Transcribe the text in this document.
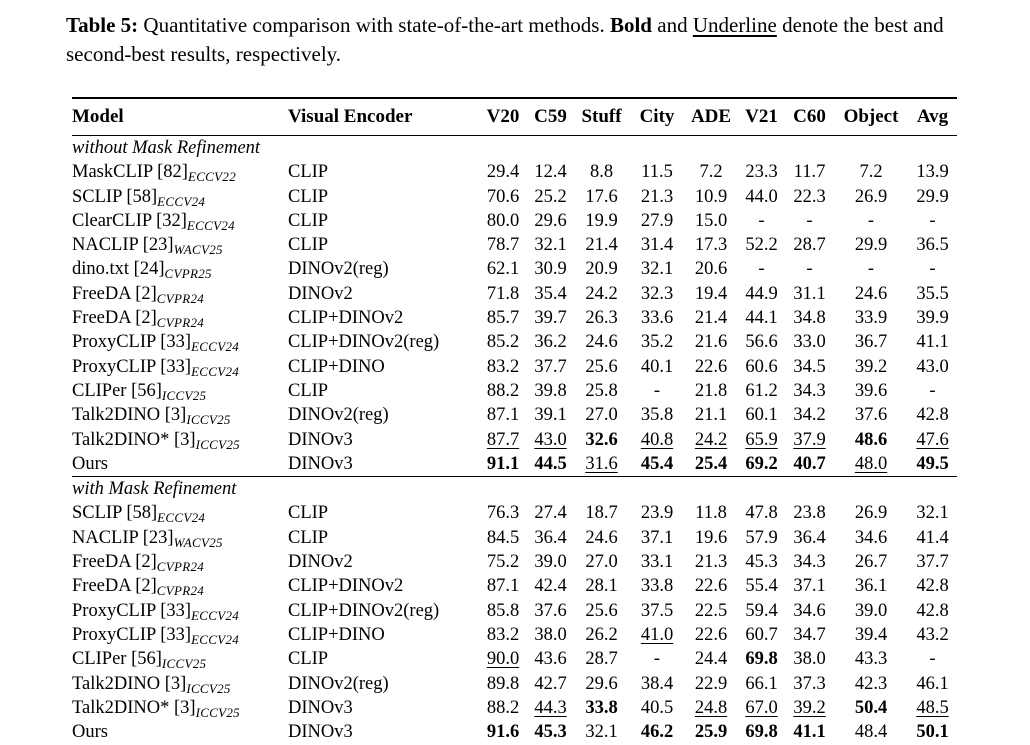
Table 5: Quantitative comparison with state-of-the-art methods. Bold and Underline denote the best and second-best results, respectively.
Model	Visual Encoder	V20	C59	Stuff	City	ADE	V21	C60	Object	Avg
without Mask Refinement										
MaskCLIP $[82]_{ECCV22}$	CLIP	29.4	12.4	8.8	11.5	7.2	23.3	11.7	7.2	13.9
SCLIP $[58]_{ECCV24}$	CLIP	70.6	25.2	17.6	21.3	10.9	44.0	22.3	26.9	29.9
ClearCLIP $[32]_{ECCV24}$	CLIP	80.0	29.6	19.9	27.9	15.0	-	-	-	-
NACLIP $[23]_{WACV25}$	CLIP	78.7	32.1	21.4	31.4	17.3	52.2	28.7	29.9	36.5
dino.txt $[24]_{CVPR25}$	DINOv2(reg)	62.1	30.9	20.9	32.1	20.6	-	-	-	-
FreeDA $[2]_{CVPR24}$	DINOv2	71.8	35.4	24.2	32.3	19.4	44.9	31.1	24.6	35.5
FreeDA $[2]_{CVPR24}$	CLIP+DINOv2	85.7	39.7	26.3	33.6	21.4	44.1	34.8	33.9	39.9
ProxyCLIP $[33]_{ECCV24}$	CLIP+DINOv2(reg)	85.2	36.2	24.6	35.2	21.6	56.6	33.0	36.7	41.1
ProxyCLIP $[33]_{ECCV24}$	CLIP+DINO	83.2	37.7	25.6	40.1	22.6	60.6	34.5	39.2	43.0
CLIPer $[56]_{ICCV25}$	CLIP	88.2	39.8	25.8	-	21.8	61.2	34.3	39.6	-
Talk2DINO $[3]_{ICCV25}$	DINOv2(reg)	87.1	39.1	27.0	35.8	21.1	60.1	34.2	37.6	42.8
Talk2DINO* $[3]_{ICCV25}$	DINOv3	87.7	43.0	32.6	40.8	24.2	65.9	37.9	48.6	47.6
Ours	DINOv3	91.1	44.5	31.6	45.4	25.4	69.2	40.7	48.0	49.5
with Mask Refinement										
SCLIP $[58]_{ECCV24}$	CLIP	76.3	27.4	18.7	23.9	11.8	47.8	23.8	26.9	32.1
NACLIP $[23]_{WACV25}$	CLIP	84.5	36.4	24.6	37.1	19.6	57.9	36.4	34.6	41.4
FreeDA $[2]_{CVPR24}$	DINOv2	75.2	39.0	27.0	33.1	21.3	45.3	34.3	26.7	37.7
FreeDA $[2]_{CVPR24}$	CLIP+DINOv2	87.1	42.4	28.1	33.8	22.6	55.4	37.1	36.1	42.8
ProxyCLIP $[33]_{ECCV24}$	CLIP+DINOv2(reg)	85.8	37.6	25.6	37.5	22.5	59.4	34.6	39.0	42.8
ProxyCLIP $[33]_{ECCV24}$	CLIP+DINO	83.2	38.0	26.2	41.0	22.6	60.7	34.7	39.4	43.2
CLIPer $[56]_{ICCV25}$	CLIP	90.0	43.6	28.7	-	24.4	69.8	38.0	43.3	-
Talk2DINO $[3]_{ICCV25}$	DINOv2(reg)	89.8	42.7	29.6	38.4	22.9	66.1	37.3	42.3	46.1
Talk2DINO* $[3]_{ICCV25}$	DINOv3	88.2	44.3	33.8	40.5	24.8	67.0	39.2	50.4	48.5
Ours	DINOv3	91.6	45.3	32.1	46.2	25.9	69.8	41.1	48.4	50.1
